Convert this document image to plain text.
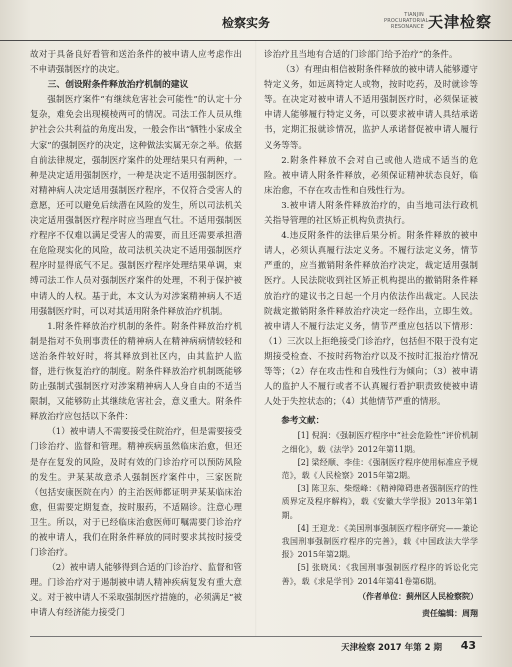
检察实务
TIANJIN PROCURATORIAL RESONANCE 天津检察

故对于具备良好看管和送治条件的被申请人应考虑作出不申请强制医疗的决定。

三、创设附条件释放治疗机制的建议

强制医疗案件“有继续危害社会可能性”的认定十分复杂，难免会出现模棱两可的情况。司法工作人员从维护社会公共利益的角度出发，一般会作出“牺牲小家成全大家”的强制医疗的决定，这种做法实属无奈之举。依据自前法律规定，强制医疗案件的处理结果只有两种，一种是决定适用强制医疗，一种是决定不适用强制医疗。对精神病人决定适用强制医疗程序，不仅符合受害人的意愿，还可以避免后续潜在风险的发生，所以司法机关决定适用强制医疗程序时应当理直气壮。不适用强制医疗程序不仅难以满足受害人的需要，而且还需要承担潜在危险现实化的风险，故司法机关决定不适用强制医疗程序时显得底气不足。强制医疗程序处理结果单调，束缚司法工作人员对强制医疗案件的处理，不利于保护被申请人的人权。基于此，本文认为对涉案精神病人不适用强制医疗时，可以对其适用附条件释放治疗机制。

1.附条件释放治疗机制的条件。附条件释放治疗机制是指对不负刑事责任的精神病人在精神病病情较轻和送治条件较好时，将其释放到社区内，由其监护人监督，进行恢复治疗的制度。附条件释放治疗机制既能够防止强制式强制医疗对涉案精神病人人身自由的不适当限制，又能够防止其继续危害社会，意义重大。附条件释放治疗应包括以下条件：

（1）被申请人不需要接受住院治疗，但是需要接受门诊治疗、监督和管理。精神疾病虽然临床治愈，但还是存在复发的风险，及时有效的门诊治疗可以预防风险的发生。尹某某故意杀人强制医疗案件中，三家医院（包括安康医院在内）的主治医师都证明尹某某临床治愈，但需要定期复查，按时服药，不适隔诊。注意心理卫生。所以，对于已经临床治愈医师叮嘱需要门诊治疗的被申请人，我们在附条件释放的同时要求其按时接受门诊治疗。

（2）被申请人能够得到合适的门诊治疗、监督和管理。门诊治疗对于遏制被申请人精神疾病复发有重大意义。对于被申请人不采取强制医疗措施的，必须满足“被申请人有经济能力接受门

诊治疗且当地有合适的门诊部门给予治疗”的条件。

（3）有理由相信被附条件释放的被申请人能够遵守特定义务，如远离特定人或物，按时吃药，及时就诊等等。在决定对被申请人不适用强制医疗时，必须保证被申请人能够履行特定义务，可以要求被申请人具结承诺书，定期汇报就诊情况，监护人承诺督促被申请人履行义务等等。

2.附条件释放不会对自己或他人造成不适当的危险。被申请人附条件释放，必须保证精神状态良好，临床治愈，不存在攻击性和自残性行为。

3.被申请人附条件释放治疗的，由当地司法行政机关指导管理的社区矫正机构负责执行。

4.违反附条件的法律后果分析。附条件释放的被申请人，必须认真履行法定义务。不履行法定义务，情节严重的，应当撤销附条件释放治疗决定，裁定适用强制医疗。人民法院收到社区矫正机构提出的撤销附条件释放治疗的建议书之日起一个月内依法作出裁定。人民法院裁定撤销附条件释放治疗决定一经作出，立即生效。被申请人不履行法定义务，情节严重应包括以下情形：（1）三次以上拒绝接受门诊治疗，包括但不限于没有定期接受检查、不按时药物治疗以及不按时汇报治疗情况等等；（2）存在攻击性和自残性行为倾向；（3）被申请人的监护人不履行或者不认真履行看护职责致使被申请人处于失控状态的；（4）其他情节严重的情形。

参考文献：

[1] 倪润：《强制医疗程序中“社会危险性”评价机制之细化》，载《法学》2012年第11期。

[2] 梁经顺、李佳：《强制医疗程序使用标准应予规范》，载《人民检察》2015年第2期。

[3] 陈卫东、柴煜峰：《精神障碍患者强制医疗的性质界定及程序解构》，载《安徽大学学报》2013年第1期。

[4] 王迎龙：《美国刑事强制医疗程序研究——兼论我国刑事强制医疗程序的完善》，载《中国政法大学学报》2015年第2期。

[5] 张晓凤：《我国刑事强制医疗程序的诉讼化完善》，载《求是学刊》2014年第41卷第6期。

（作者单位：蓟州区人民检察院）
责任编辑：周翔
天津检察 2017 年第 2 期 43
